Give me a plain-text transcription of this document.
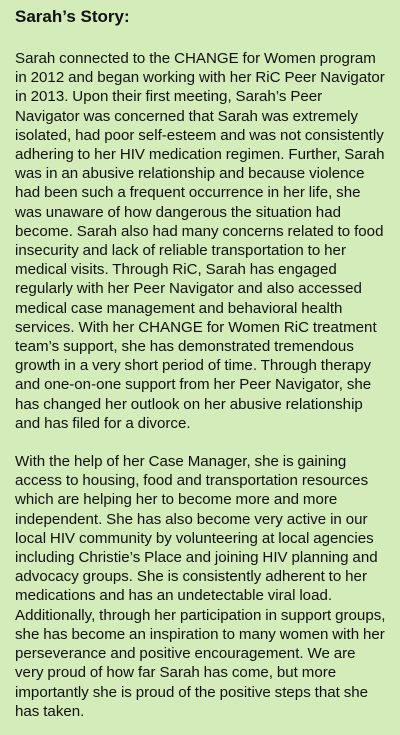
Sarah’s Story:

Sarah connected to the CHANGE for Women program in 2012 and began working with her RiC Peer Navigator in 2013. Upon their first meeting, Sarah’s Peer Navigator was concerned that Sarah was extremely isolated, had poor self-esteem and was not consistently adhering to her HIV medication regimen. Further, Sarah was in an abusive relationship and because violence had been such a frequent occurrence in her life, she was unaware of how dangerous the situation had become. Sarah also had many concerns related to food insecurity and lack of reliable transportation to her medical visits. Through RiC, Sarah has engaged regularly with her Peer Navigator and also accessed medical case management and behavioral health services. With her CHANGE for Women RiC treatment team’s support, she has demonstrated tremendous growth in a very short period of time. Through therapy and one-on-one support from her Peer Navigator, she has changed her outlook on her abusive relationship and has filed for a divorce.

With the help of her Case Manager, she is gaining access to housing, food and transportation resources which are helping her to become more and more independent. She has also become very active in our local HIV community by volunteering at local agencies including Christie’s Place and joining HIV planning and advocacy groups. She is consistently adherent to her medications and has an undetectable viral load. Additionally, through her participation in support groups, she has become an inspiration to many women with her perseverance and positive encouragement. We are very proud of how far Sarah has come, but more importantly she is proud of the positive steps that she has taken.
